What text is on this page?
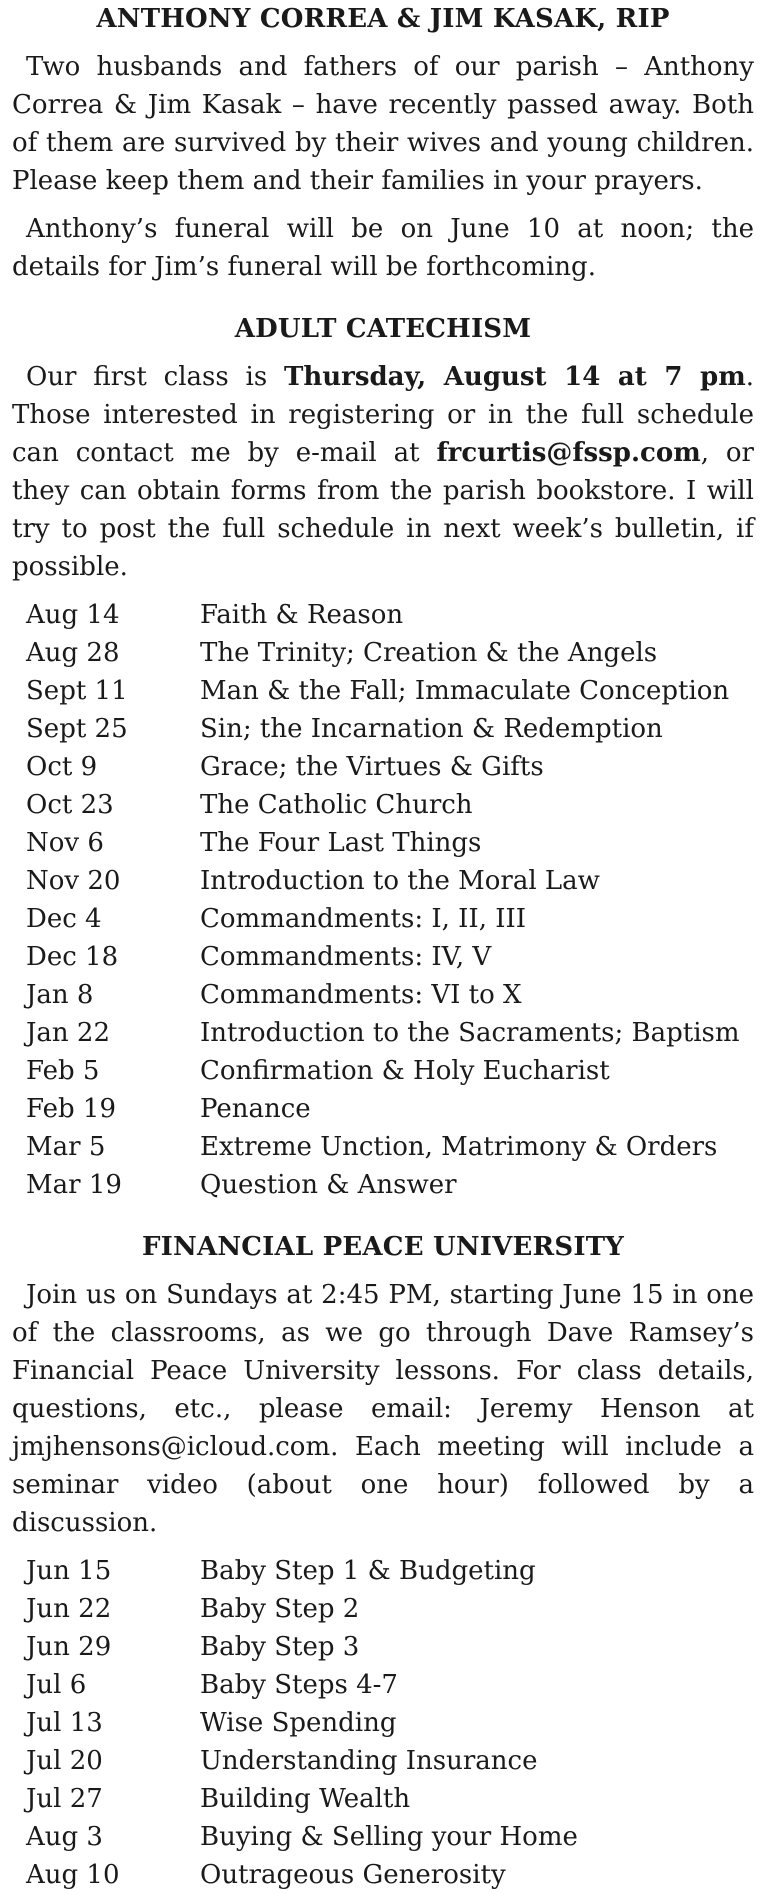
ANTHONY CORREA & JIM KASAK, RIP

Two husbands and fathers of our parish – Anthony Correa & Jim Kasak – have recently passed away. Both of them are survived by their wives and young children. Please keep them and their families in your prayers.

Anthony’s funeral will be on June 10 at noon; the details for Jim’s funeral will be forthcoming.

ADULT CATECHISM

Our first class is Thursday, August 14 at 7 pm. Those interested in registering or in the full schedule can contact me by e-mail at frcurtis@fssp.com, or they can obtain forms from the parish bookstore. I will try to post the full schedule in next week’s bulletin, if possible.

Aug 14	Faith & Reason
Aug 28	The Trinity; Creation & the Angels
Sept 11	Man & the Fall; Immaculate Conception
Sept 25	Sin; the Incarnation & Redemption
Oct 9	Grace; the Virtues & Gifts
Oct 23	The Catholic Church
Nov 6	The Four Last Things
Nov 20	Introduction to the Moral Law
Dec 4	Commandments: I, II, III
Dec 18	Commandments: IV, V
Jan 8	Commandments: VI to X
Jan 22	Introduction to the Sacraments; Baptism
Feb 5	Confirmation & Holy Eucharist
Feb 19	Penance
Mar 5	Extreme Unction, Matrimony & Orders
Mar 19	Question & Answer
FINANCIAL PEACE UNIVERSITY

Join us on Sundays at 2:45 PM, starting June 15 in one of the classrooms, as we go through Dave Ramsey’s Financial Peace University lessons. For class details, questions, etc., please email: Jeremy Henson at jmjhensons@icloud.com. Each meeting will include a seminar video (about one hour) followed by a discussion.

Jun 15	Baby Step 1 & Budgeting
Jun 22	Baby Step 2
Jun 29	Baby Step 3
Jul 6	Baby Steps 4-7
Jul 13	Wise Spending
Jul 20	Understanding Insurance
Jul 27	Building Wealth
Aug 3	Buying & Selling your Home
Aug 10	Outrageous Generosity
